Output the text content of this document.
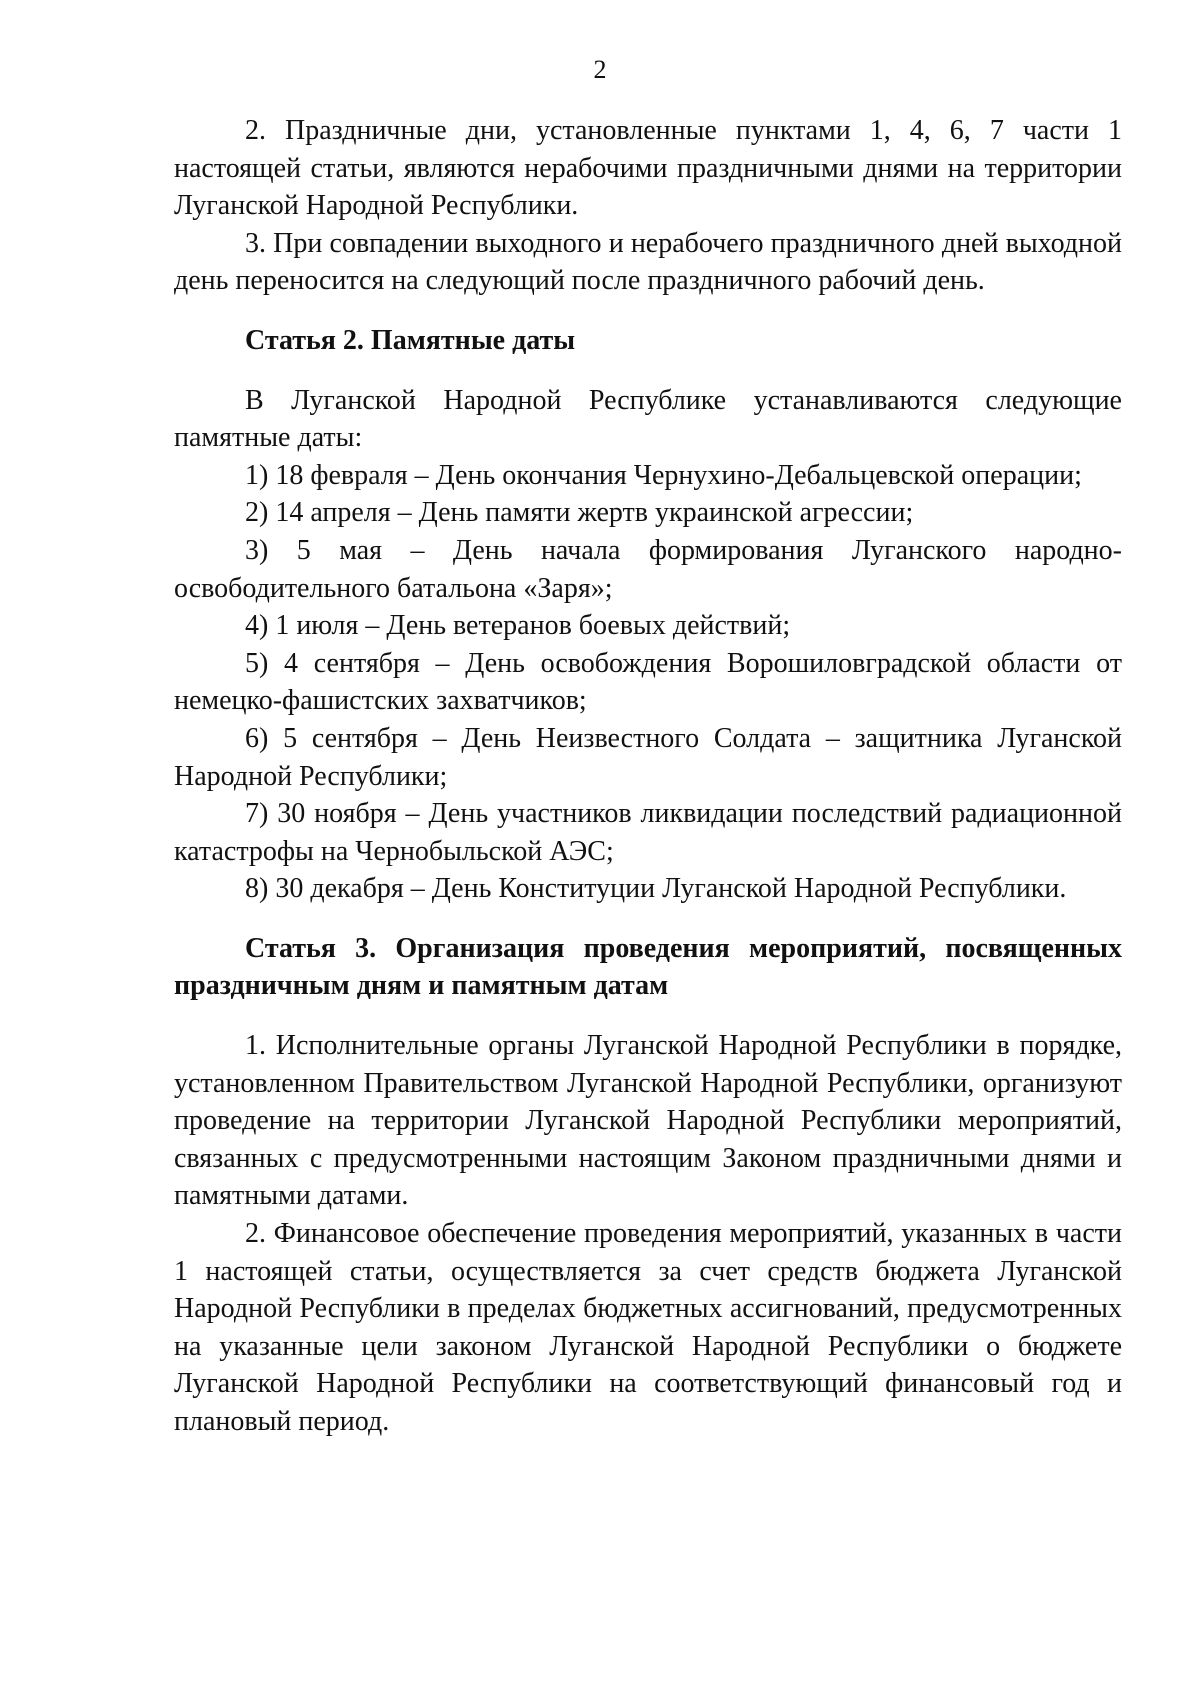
2

2. Праздничные дни, установленные пунктами 1, 4, 6, 7 части 1 настоящей статьи, являются нерабочими праздничными днями на территории Луганской Народной Республики.

3. При совпадении выходного и нерабочего праздничного дней выходной день переносится на следующий после праздничного рабочий день.

Статья 2. Памятные даты

В Луганской Народной Республике устанавливаются следующие памятные даты:

1) 18 февраля – День окончания Чернухино-Дебальцевской операции;

2) 14 апреля – День памяти жертв украинской агрессии;

3) 5 мая – День начала формирования Луганского народно-освободительного батальона «Заря»;

4) 1 июля – День ветеранов боевых действий;

5) 4 сентября – День освобождения Ворошиловградской области от немецко-фашистских захватчиков;

6) 5 сентября – День Неизвестного Солдата – защитника Луганской Народной Республики;

7) 30 ноября – День участников ликвидации последствий радиационной катастрофы на Чернобыльской АЭС;

8) 30 декабря – День Конституции Луганской Народной Республики.

Статья 3. Организация проведения мероприятий, посвященных праздничным дням и памятным датам

1. Исполнительные органы Луганской Народной Республики в порядке, установленном Правительством Луганской Народной Республики, организуют проведение на территории Луганской Народной Республики мероприятий, связанных с предусмотренными настоящим Законом праздничными днями и памятными датами.

2. Финансовое обеспечение проведения мероприятий, указанных в части 1 настоящей статьи, осуществляется за счет средств бюджета Луганской Народной Республики в пределах бюджетных ассигнований, предусмотренных на указанные цели законом Луганской Народной Республики о бюджете Луганской Народной Республики на соответствующий финансовый год и плановый период.
